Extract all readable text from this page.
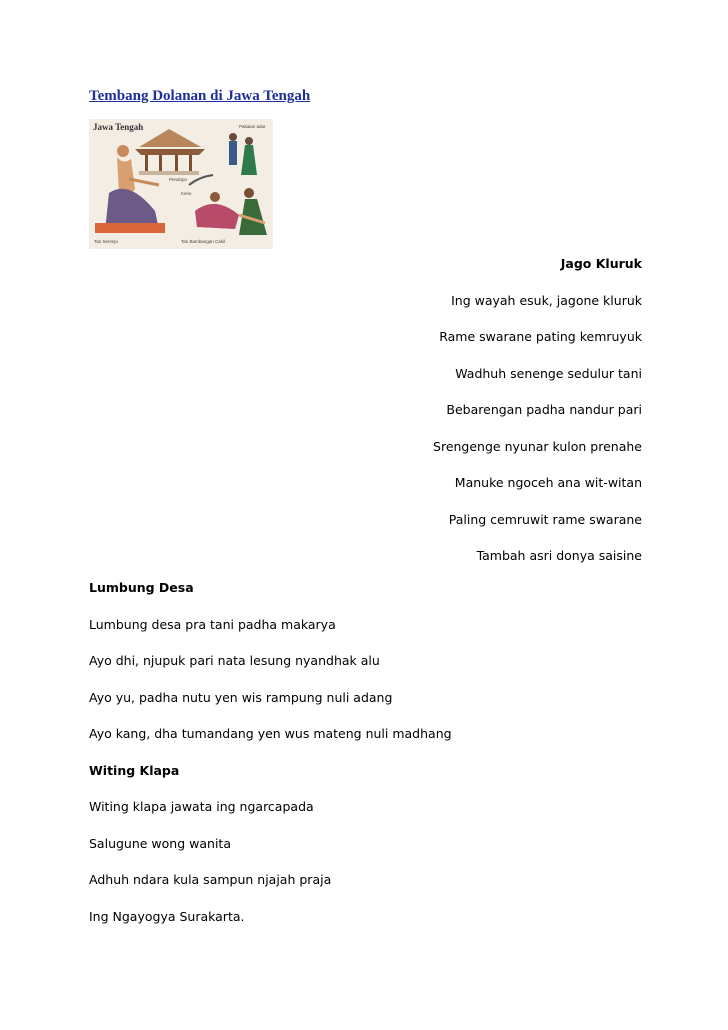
Tembang Dolanan di Jawa Tengah
Jawa Tengah
Pendopo
Pakaian adat
Keris
Tari Serimpi	Tari Bambangan Cakil
Jago Kluruk
Ing wayah esuk, jagone kluruk
Rame swarane pating kemruyuk
Wadhuh senenge sedulur tani
Bebarengan padha nandur pari
Srengenge nyunar kulon prenahe
Manuke ngoceh ana wit-witan
Paling cemruwit rame swarane
Tambah asri donya saisine
Lumbung Desa
Lumbung desa pra tani padha makarya
Ayo dhi, njupuk pari nata lesung nyandhak alu
Ayo yu, padha nutu yen wis rampung nuli adang
Ayo kang, dha tumandang yen wus mateng nuli madhang
Witing Klapa
Witing klapa jawata ing ngarcapada
Salugune wong wanita
Adhuh ndara kula sampun njajah praja
Ing Ngayogya Surakarta.
